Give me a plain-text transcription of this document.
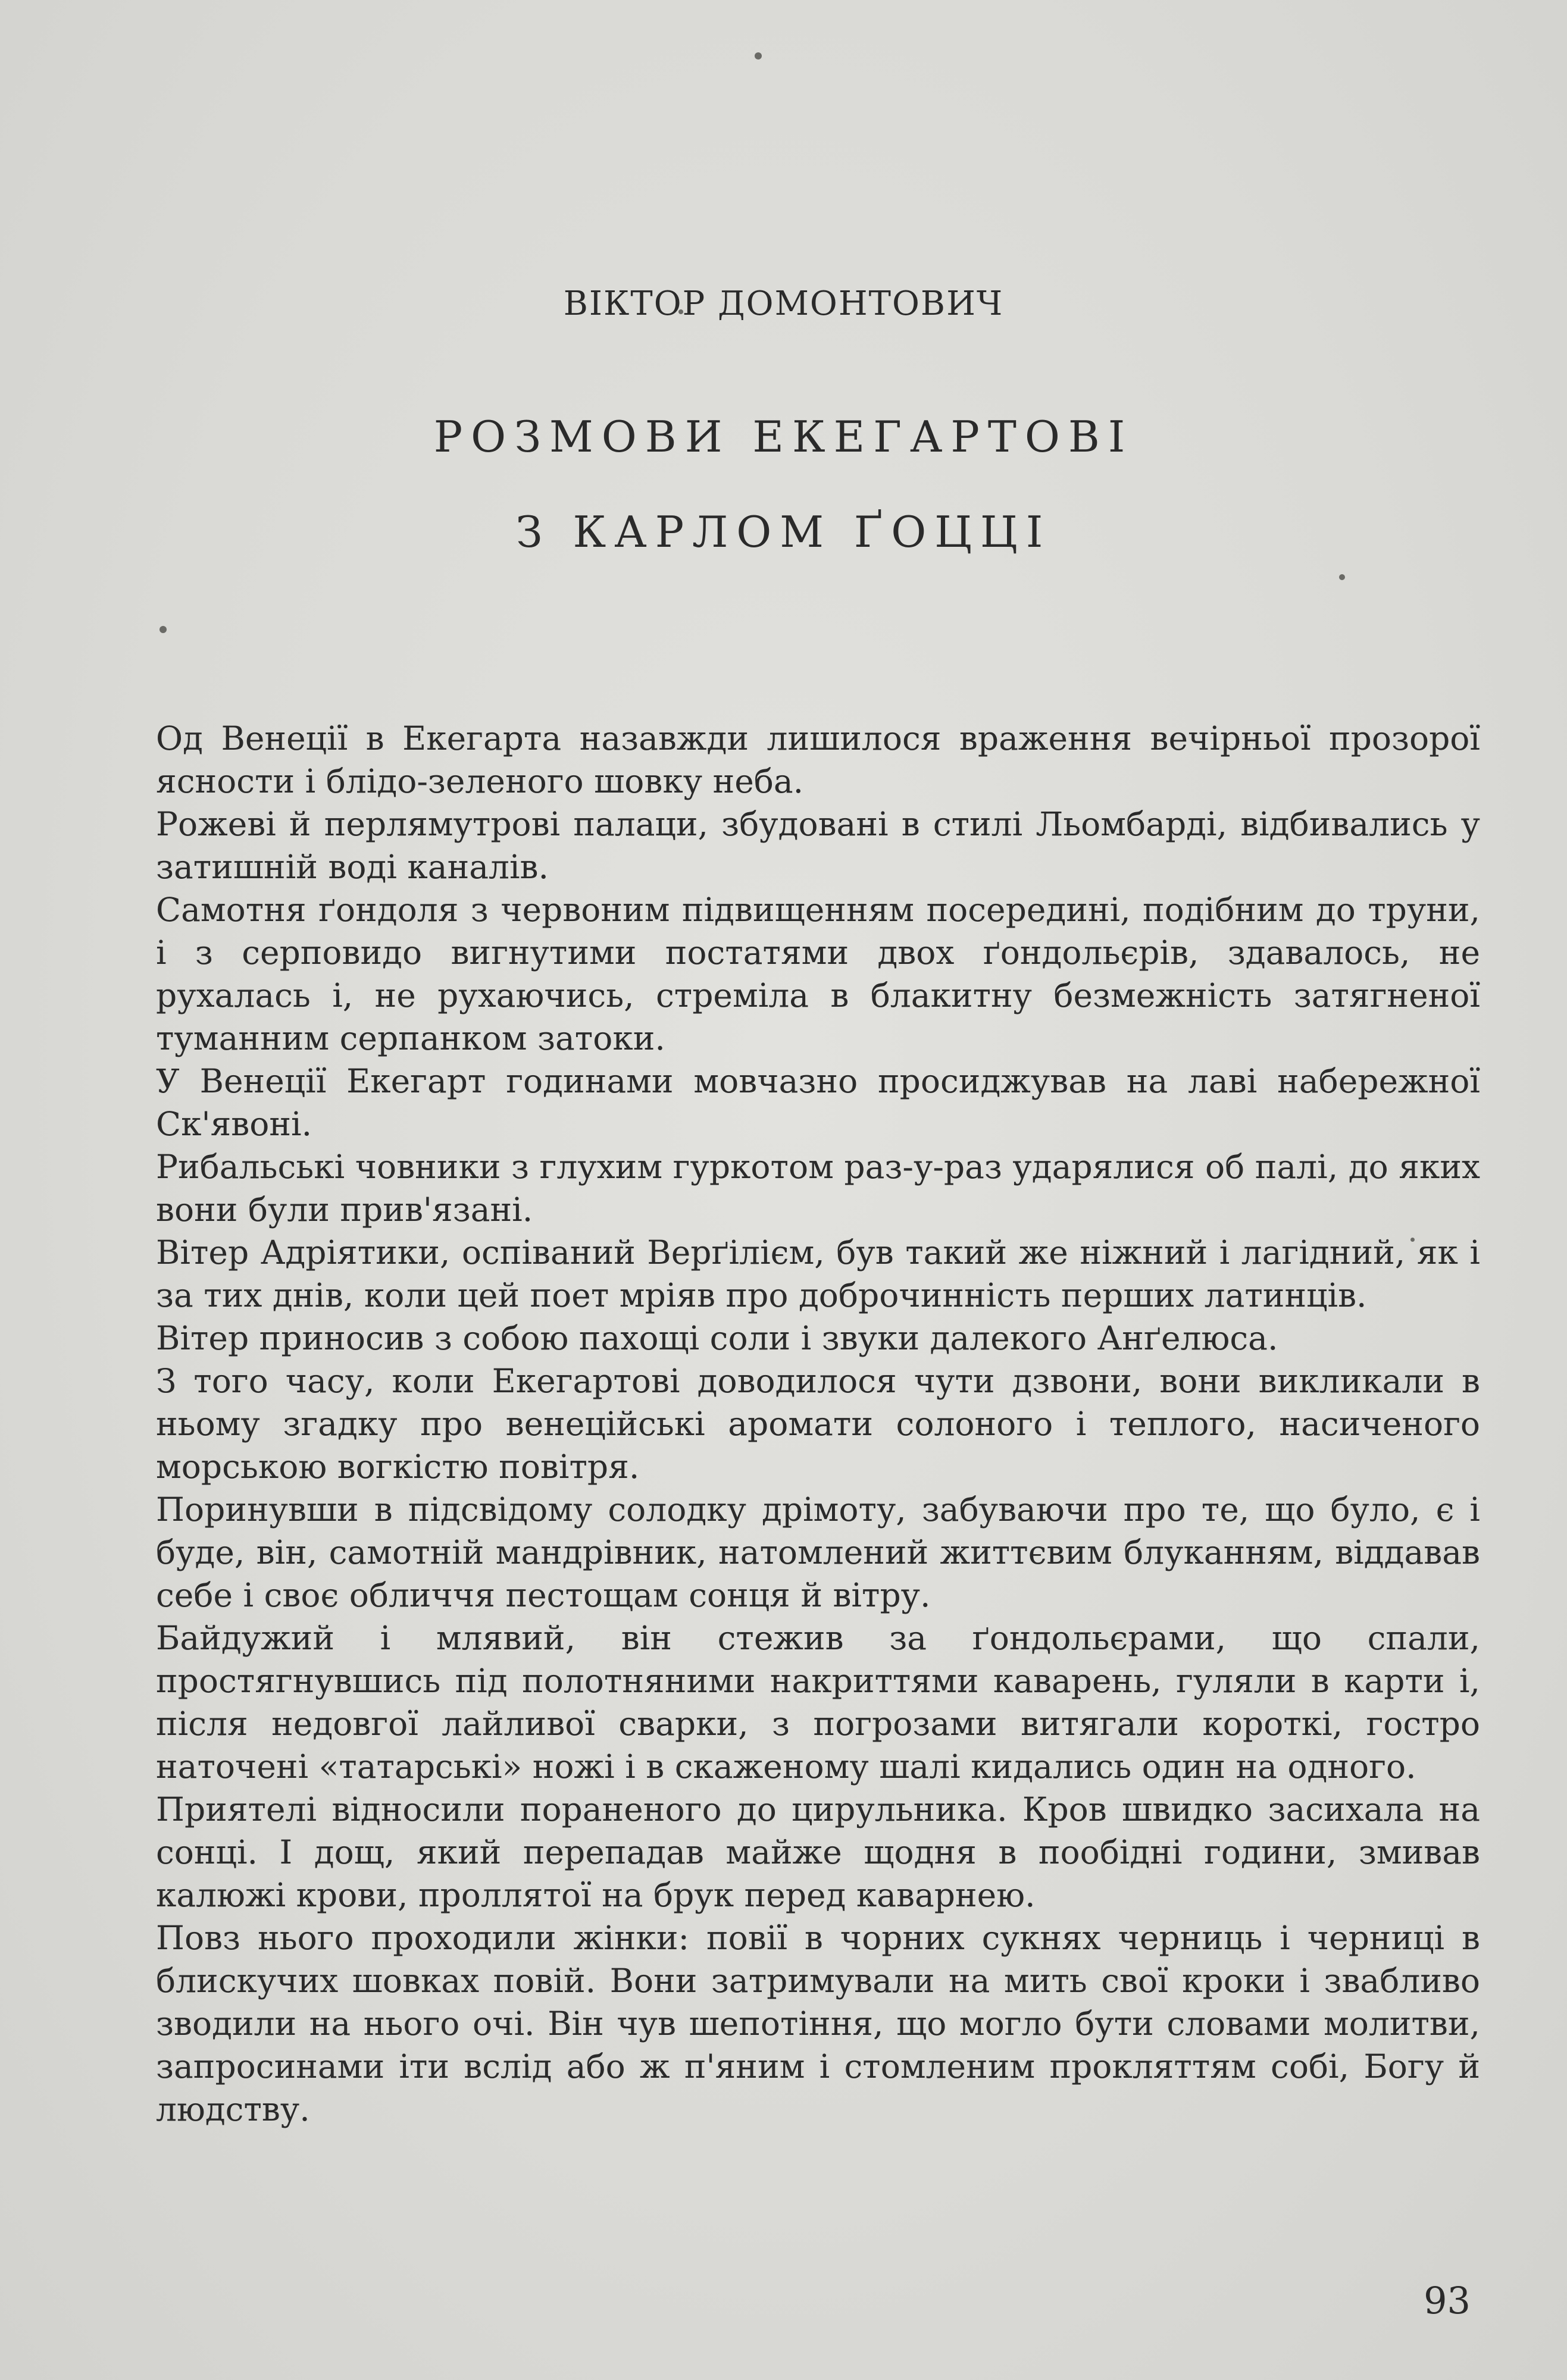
ВІКТОР ДОМОНТОВИЧ
РОЗМОВИ ЕКЕГАРТОВІ
З КАРЛОМ ҐОЦЦІ

Од Венеції в Екегарта назавжди лишилося враження вечірньої прозорої ясности і блідо-зеленого шовку неба.

Рожеві й перлямутрові палаци, збудовані в стилі Льомбарді, відбивались у затишній воді каналів.

Самотня ґондоля з червоним підвищенням посередині, подібним до труни, і з серповидо вигнутими постатями двох ґондольєрів, здавалось, не рухалась і, не рухаючись, стреміла в блакитну безмежність затягненої туманним серпанком затоки.

У Венеції Екегарт годинами мовчазно просиджував на лаві набережної Ск'явоні.

Рибальські човники з глухим гуркотом раз-у-раз ударялися об палі, до яких вони були прив'язані.

Вітер Адріятики, оспіваний Верґілієм, був такий же ніжний і лагідний, як і за тих днів, коли цей поет мріяв про доброчинність перших латинців.

Вітер приносив з собою пахощі соли і звуки далекого Анґелюса.

З того часу, коли Екегартові доводилося чути дзвони, вони викликали в ньому згадку про венеційські аромати солоного і теплого, насиченого морською вогкістю повітря.

Поринувши в підсвідому солодку дрімоту, забуваючи про те, що було, є і буде, він, самотній мандрівник, натомлений життєвим блуканням, віддавав себе і своє обличчя пестощам сонця й вітру.

Байдужий і млявий, він стежив за ґондольєрами, що спали, простягнувшись під полотняними накриттями каварень, гуляли в карти і, після недовгої лайливої сварки, з погрозами витягали короткі, гостро наточені «татарські» ножі і в скаженому шалі кидались один на одного.

Приятелі відносили пораненого до цирульника. Кров швидко засихала на сонці. І дощ, який перепадав майже щодня в пообідні години, змивав калюжі крови, проллятої на брук перед каварнею.

Повз нього проходили жінки: повії в чорних сукнях черниць і черниці в блискучих шовках повій. Вони затримували на мить свої кроки і звабливо зводили на нього очі. Він чув шепотіння, що могло бути словами молитви, запросинами іти вслід або ж п'яним і стомленим прокляттям собі, Богу й людству.

93
